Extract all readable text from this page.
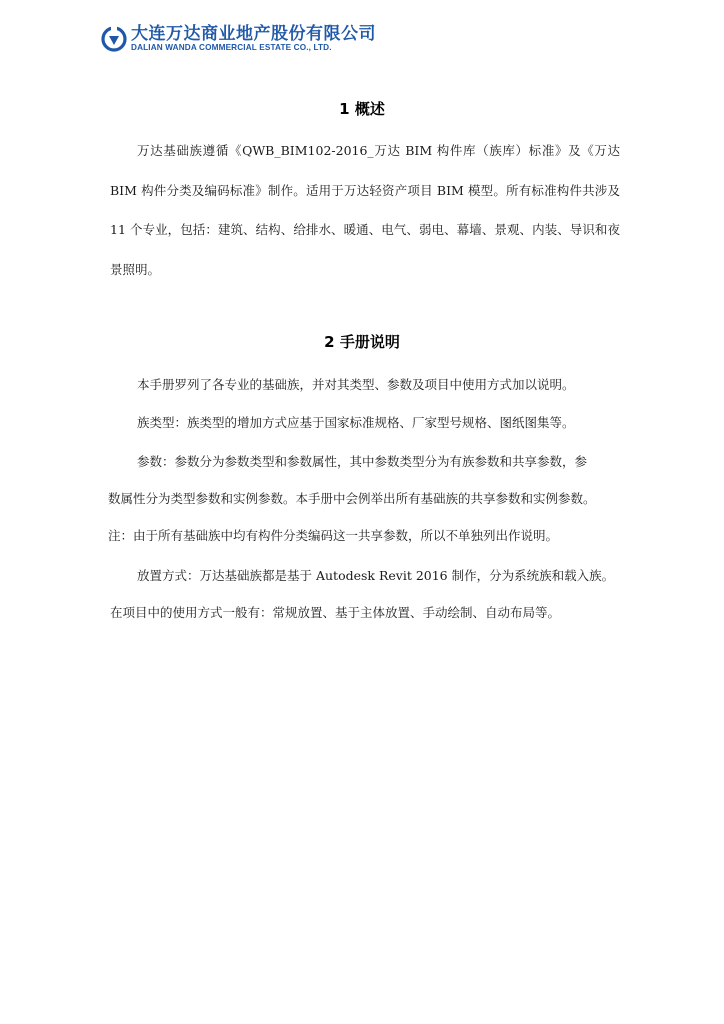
大连万达商业地产股份有限公司
DALIAN WANDA COMMERCIAL ESTATE CO., LTD.
1 概述

万达基础族遵循《QWB_BIM102-2016_万达 BIM 构件库（族库）标准》及《万达 BIM 构件分类及编码标准》制作。适用于万达轻资产项目 BIM 模型。所有标准构件共涉及 11 个专业，包括：建筑、结构、给排水、暖通、电气、弱电、幕墙、景观、内装、导识和夜景照明。

2 手册说明
本手册罗列了各专业的基础族，并对其类型、参数及项目中使用方式加以说明。
族类型：族类型的增加方式应基于国家标准规格、厂家型号规格、图纸图集等。
参数：参数分为参数类型和参数属性，其中参数类型分为有族参数和共享参数，参
数属性分为类型参数和实例参数。本手册中会例举出所有基础族的共享参数和实例参数。
注：由于所有基础族中均有构件分类编码这一共享参数，所以不单独列出作说明。
放置方式：万达基础族都是基于 Autodesk Revit 2016 制作，分为系统族和载入族。
在项目中的使用方式一般有：常规放置、基于主体放置、手动绘制、自动布局等。
